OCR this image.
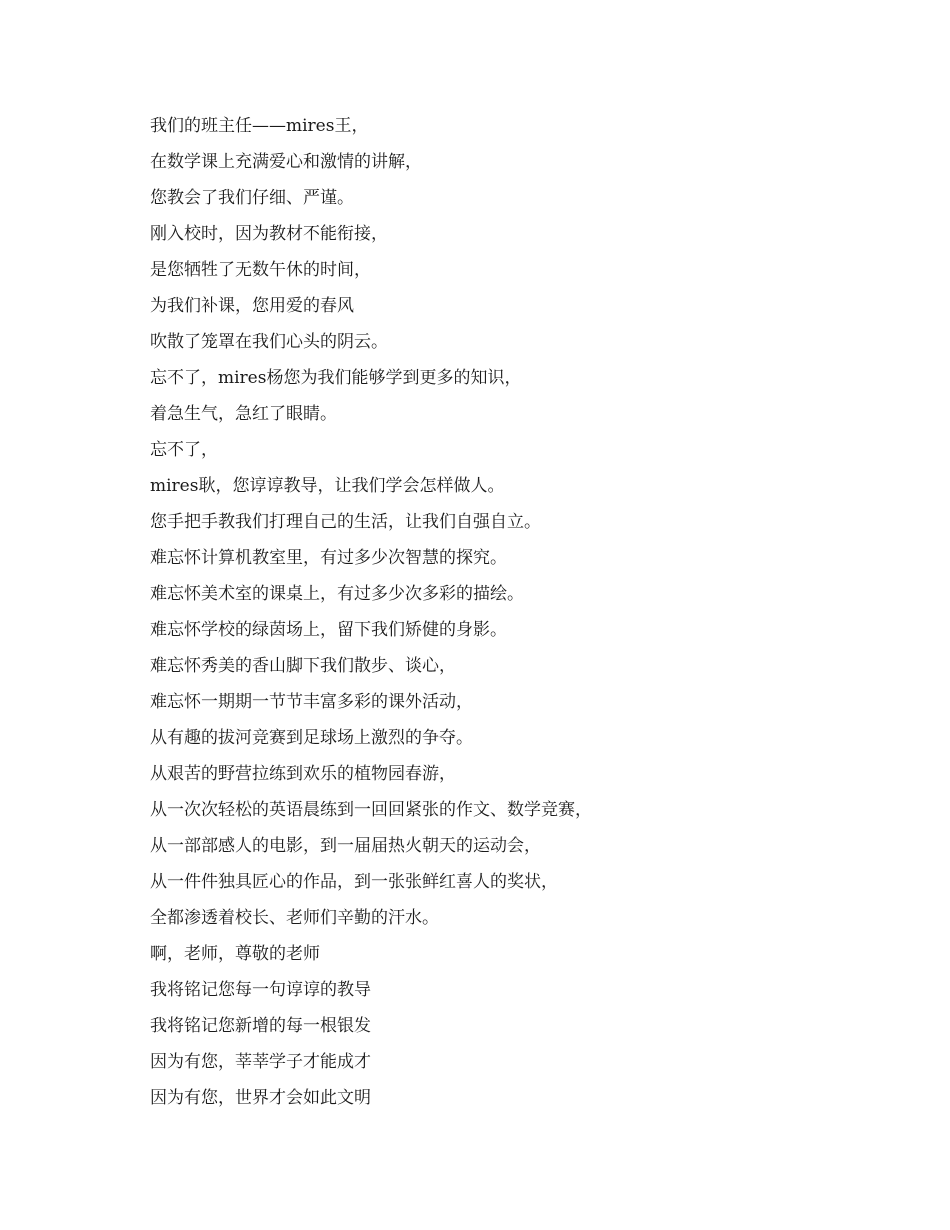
我们的班主任——mires王，
在数学课上充满爱心和激情的讲解，
您教会了我们仔细、严谨。
刚入校时，因为教材不能衔接，
是您牺牲了无数午休的时间，
为我们补课，您用爱的春风
吹散了笼罩在我们心头的阴云。
忘不了，mires杨您为我们能够学到更多的知识，
着急生气，急红了眼睛。
忘不了，
mires耿，您谆谆教导，让我们学会怎样做人。
您手把手教我们打理自己的生活，让我们自强自立。
难忘怀计算机教室里，有过多少次智慧的探究。
难忘怀美术室的课桌上，有过多少次多彩的描绘。
难忘怀学校的绿茵场上，留下我们矫健的身影。
难忘怀秀美的香山脚下我们散步、谈心，
难忘怀一期期一节节丰富多彩的课外活动，
从有趣的拔河竞赛到足球场上激烈的争夺。
从艰苦的野营拉练到欢乐的植物园春游，
从一次次轻松的英语晨练到一回回紧张的作文、数学竞赛，
从一部部感人的电影，到一届届热火朝天的运动会，
从一件件独具匠心的作品，到一张张鲜红喜人的奖状，
全都渗透着校长、老师们辛勤的汗水。
啊，老师，尊敬的老师
我将铭记您每一句谆谆的教导
我将铭记您新增的每一根银发
因为有您，莘莘学子才能成才
因为有您，世界才会如此文明
